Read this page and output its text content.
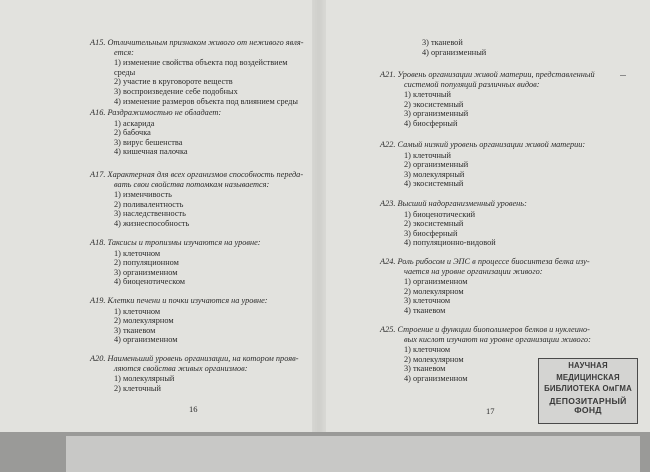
A15. Отличительным признаком живого от неживого явля-
ется:
1) изменение свойства объекта под воздействием среды
2) участие в круговороте веществ
3) воспроизведение себе подобных
4) изменение размеров объекта под влиянием среды
A16. Раздражимостью не обладает:
1) аскарида
2) бабочка
3) вирус бешенства
4) кишечная палочка
A17. Характерная для всех организмов способность переда-
вать свои свойства потомкам называется:
1) изменчивость
2) поливалентность
3) наследственность
4) жизнеспособность
A18. Таксисы и тропизмы изучаются на уровне:
1) клеточном
2) популяционном
3) организменном
4) биоценотическом
A19. Клетки печени и почки изучаются на уровне:
1) клеточном
2) молекулярном
3) тканевом
4) организменном
A20. Наименьший уровень организации, на котором прояв-
ляются свойства живых организмов:
1) молекулярный
2) клеточный
16
3) тканевой
4) организменный
A21. Уровень организации живой материи, представленный
системой популяций различных видов:
1) клеточный
2) экосистемный
3) организменный
4) биосферный
A22. Самый низкий уровень организации живой материи:
1) клеточный
2) организменный
3) молекулярный
4) экосистемный
A23. Высший надорганизменный уровень:
1) биоценотический
2) экосистемный
3) биосферный
4) популяционно-видовой
A24. Роль рибосом и ЭПС в процессе биосинтеза белка изу-
чается на уровне организации живого:
1) организменном
2) молекулярном
3) клеточном
4) тканевом
A25. Строение и функции биополимеров белков и нуклеино-
вых кислот изучают на уровне организации живого:
1) клеточном
2) молекулярном
3) тканевом
4) организменном
17
НАУЧНАЯ
МЕДИЦИНСКАЯ
БИБЛИОТЕКА ОмГМА
ДЕПОЗИТАРНЫЙ
ФОНД
